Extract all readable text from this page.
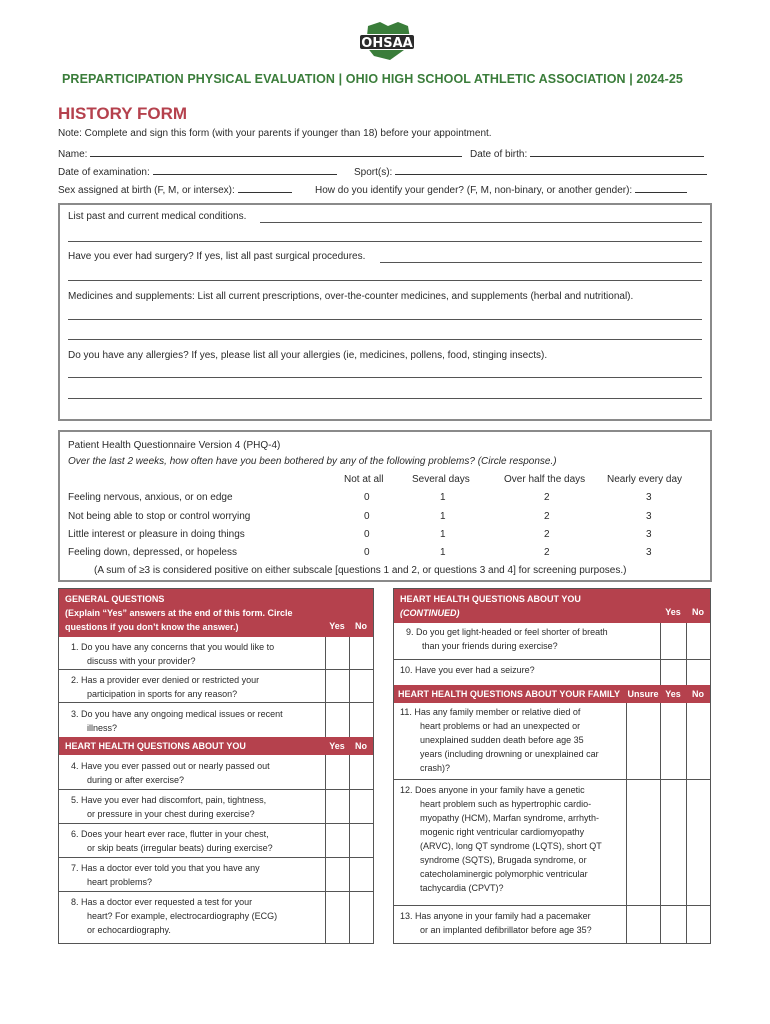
OHSAA
PREPARTICIPATION PHYSICAL EVALUATION | OHIO HIGH SCHOOL ATHLETIC ASSOCIATION | 2024-25
HISTORY FORM
Note: Complete and sign this form (with your parents if younger than 18) before your appointment.
Name:	Date of birth:
Date of examination:	Sport(s):
Sex assigned at birth (F, M, or intersex):	How do you identify your gender? (F, M, non-binary, or another gender):
List past and current medical conditions.
Have you ever had surgery? If yes, list all past surgical procedures.
Medicines and supplements: List all current prescriptions, over-the-counter medicines, and supplements (herbal and nutritional).
Do you have any allergies? If yes, please list all your allergies (ie, medicines, pollens, food, stinging insects).
Patient Health Questionnaire Version 4 (PHQ-4)
Over the last 2 weeks, how often have you been bothered by any of the following problems? (Circle response.)
Not at all	Several days	Over half the days Nearly every day
Feeling nervous, anxious, or on edge	0	1	2	3
Not being able to stop or control worrying	0	1	2	3
Little interest or pleasure in doing things	0	1	2	3
Feeling down, depressed, or hopeless	0	1	2	3
(A sum of ≥3 is considered positive on either subscale [questions 1 and 2, or questions 3 and 4] for screening purposes.)
GENERAL QUESTIONS
(Explain “Yes” answers at the end of this form. Circle
questions if you don’t know the answer.)	Yes	No
1. Do you have any concerns that you would like to
discuss with your provider?
2. Has a provider ever denied or restricted your
participation in sports for any reason?
3. Do you have any ongoing medical issues or recent
illness?
HEART HEALTH QUESTIONS ABOUT YOU	Yes	No
4. Have you ever passed out or nearly passed out
during or after exercise?
5. Have you ever had discomfort, pain, tightness,
or pressure in your chest during exercise?
6. Does your heart ever race, flutter in your chest,
or skip beats (irregular beats) during exercise?
7. Has a doctor ever told you that you have any
heart problems?
8. Has a doctor ever requested a test for your
heart? For example, electrocardiography (ECG)
or echocardiography.
HEART HEALTH QUESTIONS ABOUT YOU
(CONTINUED)	Yes	No
9. Do you get light-headed or feel shorter of breath
than your friends during exercise?
10. Have you ever had a seizure?
HEART HEALTH QUESTIONS ABOUT YOUR FAMILY Unsure Yes	No
11. Has any family member or relative died of
heart problems or had an unexpected or
unexplained sudden death before age 35
years (including drowning or unexplained car
crash)?
12. Does anyone in your family have a genetic
heart problem such as hypertrophic cardio-
myopathy (HCM), Marfan syndrome, arrhyth-
mogenic right ventricular cardiomyopathy
(ARVC), long QT syndrome (LQTS), short QT
syndrome (SQTS), Brugada syndrome, or
catecholaminergic polymorphic ventricular
tachycardia (CPVT)?
13. Has anyone in your family had a pacemaker
or an implanted defibrillator before age 35?
